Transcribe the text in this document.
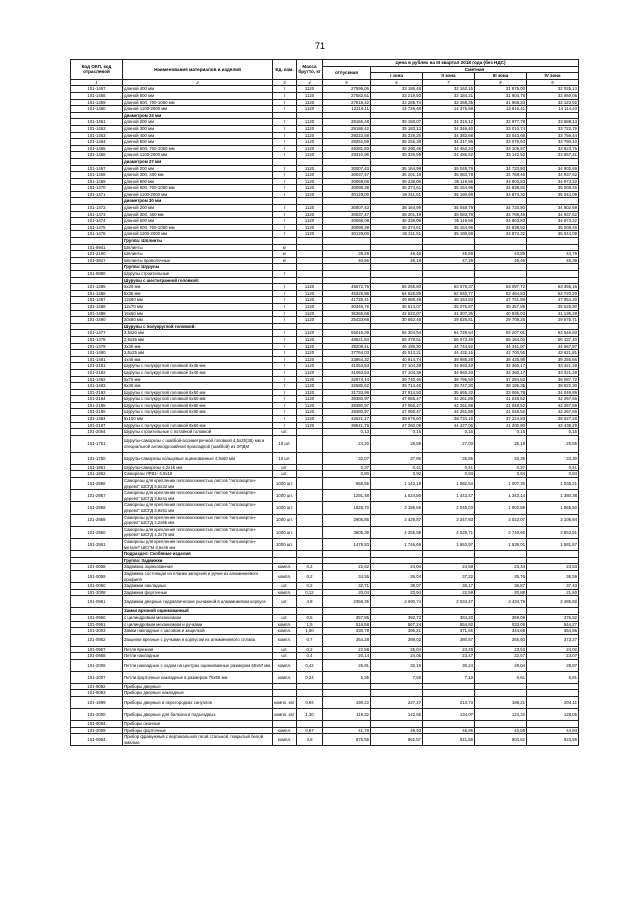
71
Код ОКП, код отраслевой	Наименование материалов и изделий	Ед. изм.	Масса брутто, кг	Цена в рублях на III квартал 2018 года (без НДС)				
				отпускная	Сметная			
					I зона	II зона	III зона	IV зона
1	2	3	4	5	6	7	8	9
101-1457	длиной 400 мм	т	1120	27596,06	33 186,48	32 162,15	31 875,00	32 025,13
101-1458	длиной 500 мм	т	1120	27583,51	33 219,50	32 184,21	31 904,78	32 060,06
101-1459	длиной 600, 700-1050 мм	т	1120	27818,42	33 285,74	32 258,35	31 968,33	32 123,92
101-1460	длиной 1100-2000 мм	т	1120	12219,11	14 726,48	14 375,69	13 816,41	14 114,43
	диаметром 24 мм							
101-1461	длиной 200 мм	т	1120	29165,48	35 150,07	34 315,12	32 977,79	33 688,13
101-1462	длиной 300 мм	т	1120	29186,42	35 183,13	34 346,40	33 010,74	33 722,79
101-1463	длиной 400 мм	т	1120	29223,58	35 229,25	34 383,68	33 043,68	33 756,44
101-1464	длиной 500 мм	т	1120	29252,69	35 255,38	34 417,96	33 076,63	33 790,10
101-1465	длиной 600, 700-1050 мм	т	1120	29281,83	35 290,48	34 452,24	33 109,57	33 823,75
101-1466	длиной 1100-2000 мм	т	1120	29310,96	35 325,59	34 486,52	33 142,52	33 857,41
	диаметром 27 мм							
101-1467	длиной 200 мм	т	1120	30007,43	36 164,99	35 048,79	34 733,80	34 902,69
101-1468	длиной 300, 400 мм	т	1120	30037,47	36 201,18	35 083,78	34 768,45	34 937,62
101-1469	длиной 500 мм	т	1120	30068,08	36 238,09	35 119,56	34 803,83	34 973,22
101-1470	длиной 600, 700-1050 мм	т	1120	30098,38	36 274,61	35 154,96	34 838,92	35 008,45
101-1471	длиной 1100-2000 мм	т	1120	30129,00	36 311,51	35 190,69	34 874,32	35 044,09
	диаметром 30 мм							
101-1472	длиной 200 мм	т	1120	30007,43	36 164,99	35 048,79	34 733,80	34 902,69
101-1473	длиной 300, 400 мм	т	1120	30037,47	36 201,18	35 083,78	34 768,45	34 937,62
101-1474	длиной 500 мм	т	1120	30068,08	36 238,09	35 119,56	34 803,83	34 973,22
101-1475	длиной 600, 700-1050 мм	т	1120	30098,38	36 274,61	35 154,96	34 838,92	35 008,45
101-1476	длиной 1100-2000 мм	т	1120	30129,00	36 311,51	35 190,69	34 874,32	35 044,09
	Группа: Шплинты							
101-8941	Шплинты	кг						
101-2190	Шплинты	кг		39,29	45,49	45,59	43,89	44,79
101-3817	Шплинты проволочные	кг		40,66	46,18	47,29	45,49	46,39
	Группа: Шурупы							
101-9880	Шурупы строительные	т						
	Шурупы с шестигранной головкой:							
101-1485	6х20 мм	т	1120	45672,76	55 265,80	53 579,37	53 097,72	53 356,16
101-1486	8х35 мм	т	1120	45325,98	54 625,89	52 940,77	52 464,83	52 720,20
101-1487	12х60 мм	т	1120	41728,41	49 688,49	48 154,83	47 721,89	47 954,20
101-1488	12х70 мм	т	1120	30346,76	36 614,07	35 076,87	35 357,88	35 525,90
101-1489	16х60 мм	т	1120	35365,68	42 622,87	41 307,35	40 936,03	41 135,28
101-1490	20х80 мм	т	1120	25433,66	30 652,49	29 826,81	29 708,26	29 576,71
	Шурупы с полукруглой головкой:							
101-1477	2,5х20 мм	т	1120	55015,39	66 304,54	64 728,54	62 207,01	63 546,83
101-1478	2,5х25 мм	т	1120	48621,84	58 478,51	56 673,49	56 164,02	56 437,40
101-1479	3х30 мм	т	1120	38208,41	46 188,30	44 744,52	44 341,97	44 557,97
101-1480	3,5х25 мм	т	1120	37764,03	45 513,21	44 432,15	42 700,55	43 621,81
101-1481	4х40 мм	т	1120	33864,32	40 914,74	39 985,28	38 425,98	39 255,66
101-2181	Шурупы с полукруглой головкой 3х35 мм	т	1120	31053,53	37 104,38	34 893,40	32 360,17	33 321,28
101-2182	Шурупы с полукруглой головкой 3х40 мм	т	1120	31053,53	37 104,38	34 893,40	32 360,17	33 321,28
101-1482	5х70 мм	т	1120	32974,14	39 740,46	38 796,50	37 284,53	38 087,72
101-1483	6х40 мм	т	1120	32680,62	39 714,45	39 747,30	38 195,35	39 022,30
101-2183	Шурупы с полукруглой головкой 5х50 мм	т	1120	31733,99	37 914,50	35 655,32	33 066,78	34 049,89
101-2184	Шурупы с полукруглой головкой 5х60 мм	т	1120	39380,97	47 066,47	44 261,89	41 048,52	42 267,69
101-2185	Шурупы с полукруглой головкой 5х80 мм	т	1120	39380,97	47 066,47	44 261,89	41 048,52	42 267,69
101-2186	Шурупы с полукруглой головкой 5х90 мм	т	1120	39380,97	47 066,47	44 261,89	41 048,52	42 267,69
101-1484	8х100 мм	т	1120	32621,17	39 676,60	38 734,16	37 224,83	38 027,28
101-2187	Шурупы с полукруглой головкой 8х60 мм	т	1120	39541,79	47 260,08	44 427,06	41 200,80	42 439,29
101-2064	Шурупы строительные с потайной головкой	шт.		0,13	0,15	0,15	0,15	0,15
101-1751	Шурупы-саморезы с шайбой-ассиметричной головкой 4,5х25(35) мм и специальной антикоррозийной прокладкой (шайбой) из ЭПДМ	10 шт.		24,20	28,58	27,03	25,18	25,65
101-1750	Шурупы-саморезы кольцевые оцинкованные 4,8х60 мм	10 шт.		32,07	37,86	35,85	33,35	34,30
101-1861	Шурупы-саморезы 4,2х16 мм	шт.		0,37	0,41	0,41	0,37	0,41
101-1862	Саморезы ЛРВ1- 4,8х19	шт.		0,80	0,92	0,93	0,84	0,84
101-2956	Саморезы для крепления гипсоволокнистых листов "гипсокартон-дерево" ШСГД 3,5х32 мм	1000 шт.		968,55	1 143,19	1 082,54	1 007,30	1 035,21
101-2957	Саморезы для крепления гипсоволокнистых листов "гипсокартон-дерево" ШСГД 3,5х41 мм	1000 шт.		1291,48	1 524,86	1 443,47	1 343,14	1 380,38
101-2958	Саморезы для крепления гипсоволокнистых листов "гипсокартон-дерево" ШСГД 3,9х51 мм	1000 шт.		1828,70	2 159,65	2 045,03	1 902,88	1 955,50
101-2959	Саморезы для крепления гипсоволокнистых листов "гипсокартон-дерево" ШСГД 4,2х65 мм	1000 шт.		2905,85	3 429,87	3 247,83	3 022,07	3 105,84
101-2960	Саморезы для крепления гипсоволокнистых листов "гипсокартон-дерево" ШСГД 4,2х75 мм	1000 шт.		3605,39	4 255,59	4 029,71	3 749,60	3 853,51
101-2961	Саморезы для крепления гипсоволокнистых листов "гипсокартон-металл" ШСГМ 3,5х45 мм	1000 шт.		1479,83	1 746,69	1 653,97	1 539,01	1 581,67
	Подраздел: Скобяные изделия							
	Группа: Задвижки							
101-0058	Задвижка оцинкованная	компл.	0,2	22,62	24,04	24,58	23,34	23,83
101-0059	Задвижка состоящая из планки запорной и ручки из алюминиевого профиля	компл.	0,2	34,55	36,04	37,22	35,76	36,59
101-0060	Задвижки накладные	шт.	0,2	32,71	39,07	38,17	36,87	37,43
101-2008	Задвижки форточные	компл.	0,12	20,04	23,94	22,59	20,88	21,50
101-0961	Задвижки дверные гидравлические рычажной в алюминиевом корпусе	шт.	4,8	2359,35	2 690,74	2 534,47	2 434,79	2 485,82
	Замки врезной оцинкованный							
101-0950	с цилиндровым механизмом	шт.	0,5	357,85	392,73	384,20	369,09	376,82
101-0951	с цилиндровым механизмом и ручками	компл.	1,5	516,58	567,24	554,92	533,09	544,27
101-2003	Замки накладные с засовом и защелкой	компл.	1,00	330,78	395,21	371,66	344,68	354,86
101-0952	Защелки врезные с ручками и корпусом из алюминиевого сплава	компл.	0,7	354,28	389,02	380,57	365,60	373,27
101-0957	Петля врезная	шт.	0,2	22,58	25,04	24,49	23,53	24,02
101-0958	Петли накладные	шт.	0,4	20,14	24,05	23,47	22,57	23,07
101-2006	Петли накладные с ходом на центрах оцинкованные размером 65х57 мм	компл.	0,42	26,91	32,15	30,24	28,04	28,87
101-2007	Петли форточные накладные в размером 70х55 мм	компл.	0,24	6,35	7,58	7,13	6,61	6,81
101-9082	Приборы дверные							
101-9083	Приборы дверные накладные							
101-1999	Приборы дверные в перегородках санузлов	компл. ект	0,94	190,22	227,27	213,73	198,21	204,11
101-2000	Приборы дверные для балкона в подъездных	компл. ект	1,30	119,32	142,56	134,07	124,34	128,05
101-9084	Приборы оконные							
101-2009	Приборы форточные	компл.	0,67	41,79	49,93	46,95	43,55	44,84
101-0954	Прибор фрамужный с вертикальной тягой стальной, покрытый белой эмалью	компл.	3,8	876,59	962,57	941,68	904,62	923,58
